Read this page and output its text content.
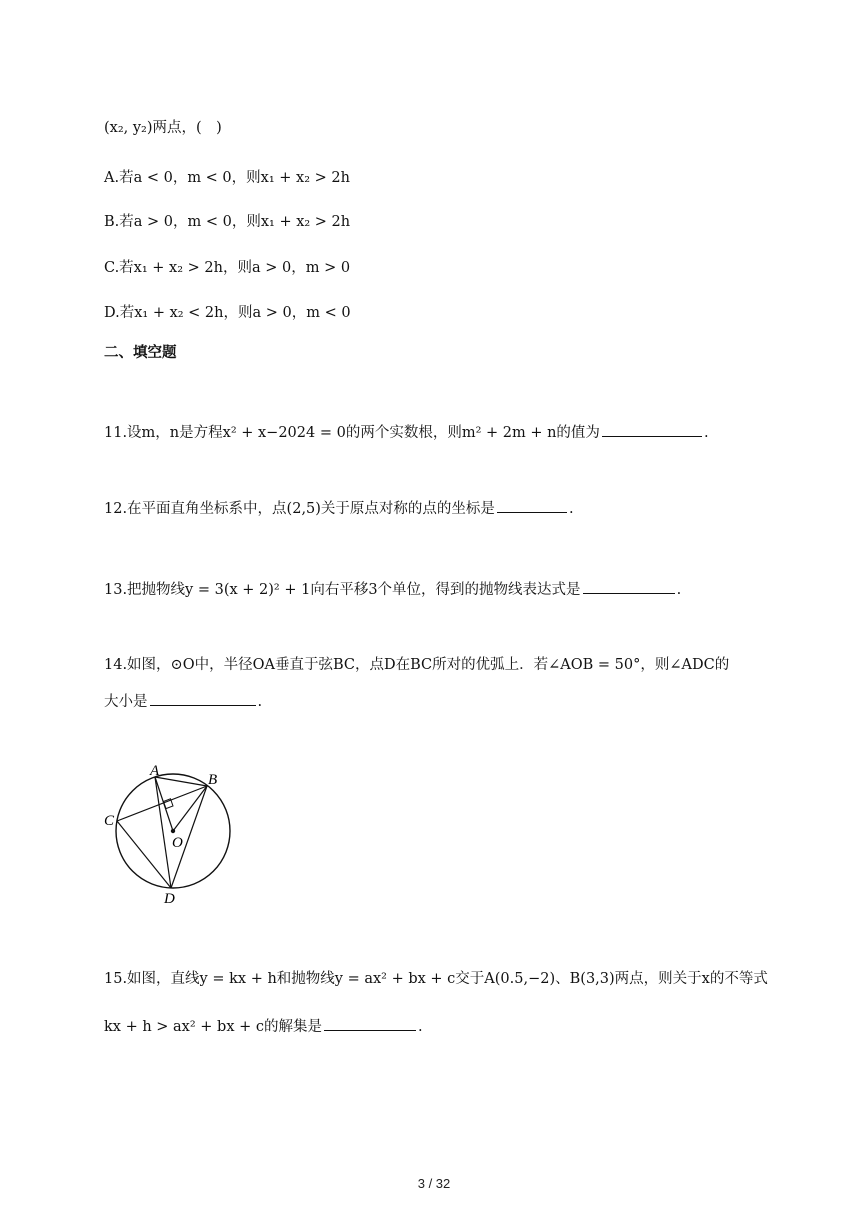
(x₂, y₂)两点，(　)
A.若a < 0，m < 0，则x₁ + x₂ > 2h
B.若a > 0，m < 0，则x₁ + x₂ > 2h
C.若x₁ + x₂ > 2h，则a > 0，m > 0
D.若x₁ + x₂ < 2h，则a > 0，m < 0
二、填空题
11.设m，n是方程x² + x−2024 = 0的两个实数根，则m² + 2m + n的值为	.
12.在平面直角坐标系中，点(2,5)关于原点对称的点的坐标是	.
13.把抛物线y = 3(x + 2)² + 1向右平移3个单位，得到的抛物线表达式是	.
14.如图，⊙O中，半径OA垂直于弦BC，点D在BC所对的优弧上．若∠AOB = 50°，则∠ADC的
大小是	.
A
B
C
O
D
15.如图，直线y = kx + h和抛物线y = ax² + bx + c交于A(0.5,−2)、B(3,3)两点，则关于x的不等式
kx + h > ax² + bx + c的解集是	.
3 / 32
